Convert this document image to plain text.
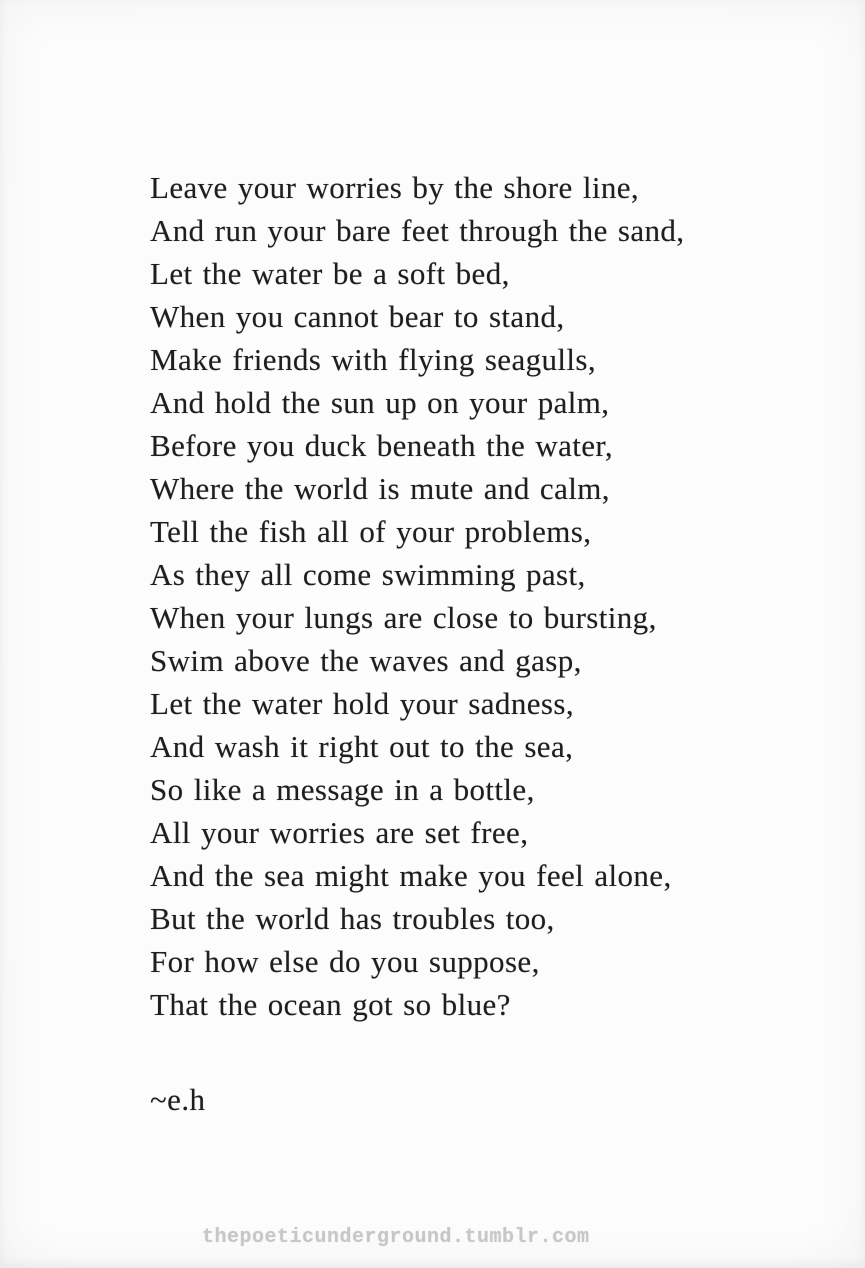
Leave your worries by the shore line,
And run your bare feet through the sand,
Let the water be a soft bed,
When you cannot bear to stand,
Make friends with flying seagulls,
And hold the sun up on your palm,
Before you duck beneath the water,
Where the world is mute and calm,
Tell the fish all of your problems,
As they all come swimming past,
When your lungs are close to bursting,
Swim above the waves and gasp,
Let the water hold your sadness,
And wash it right out to the sea,
So like a message in a bottle,
All your worries are set free,
And the sea might make you feel alone,
But the world has troubles too,
For how else do you suppose,
That the ocean got so blue?
~e.h
thepoeticunderground.tumblr.com
